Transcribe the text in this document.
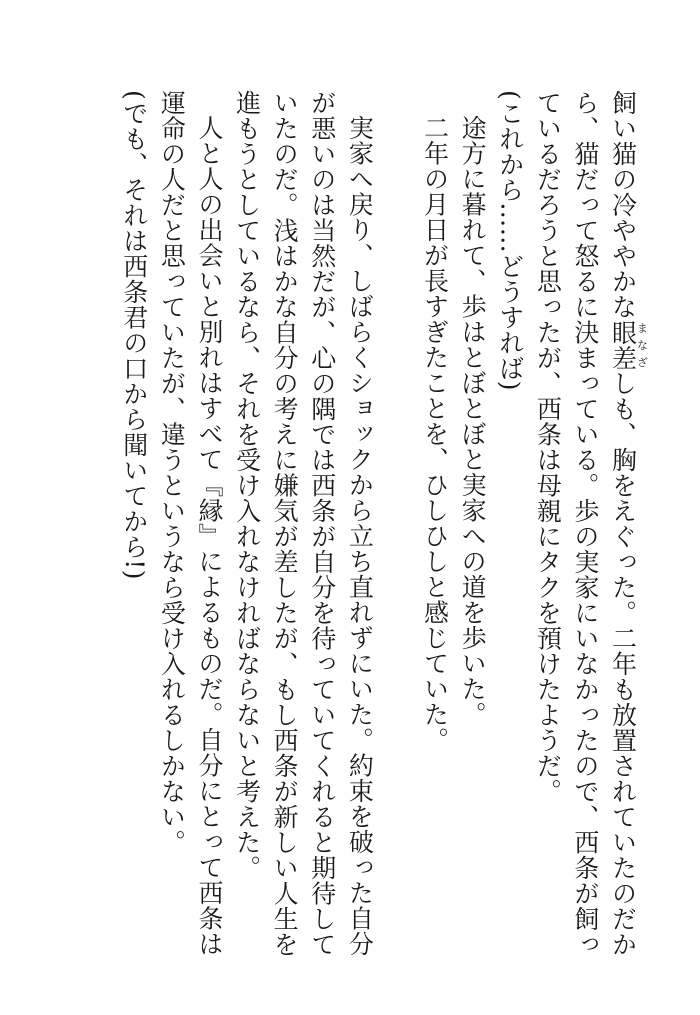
飼い猫の冷ややかな眼差まなざしも、胸をえぐった。二年も放置されていたのだから、猫だって怒るに決まっている。歩の実家にいなかったので、西条が飼っているだろうと思ったが、西条は母親にタクを預けたようだ。

(これから……どうすれば)

途方に暮れて、歩はとぼとぼと実家への道を歩いた。

二年の月日が長すぎたことを、ひしひしと感じていた。

実家へ戻り、しばらくショックから立ち直れずにいた。約束を破った自分が悪いのは当然だが、心の隅では西条が自分を待っていてくれると期待していたのだ。浅はかな自分の考えに嫌気が差したが、もし西条が新しい人生を進もうとしているなら、それを受け入れなければならないと考えた。

人と人の出会いと別れはすべて『縁』によるものだ。自分にとって西条は運命の人だと思っていたが、違うというなら受け入れるしかない。

(でも、それは西条君の口から聞いてから!)
